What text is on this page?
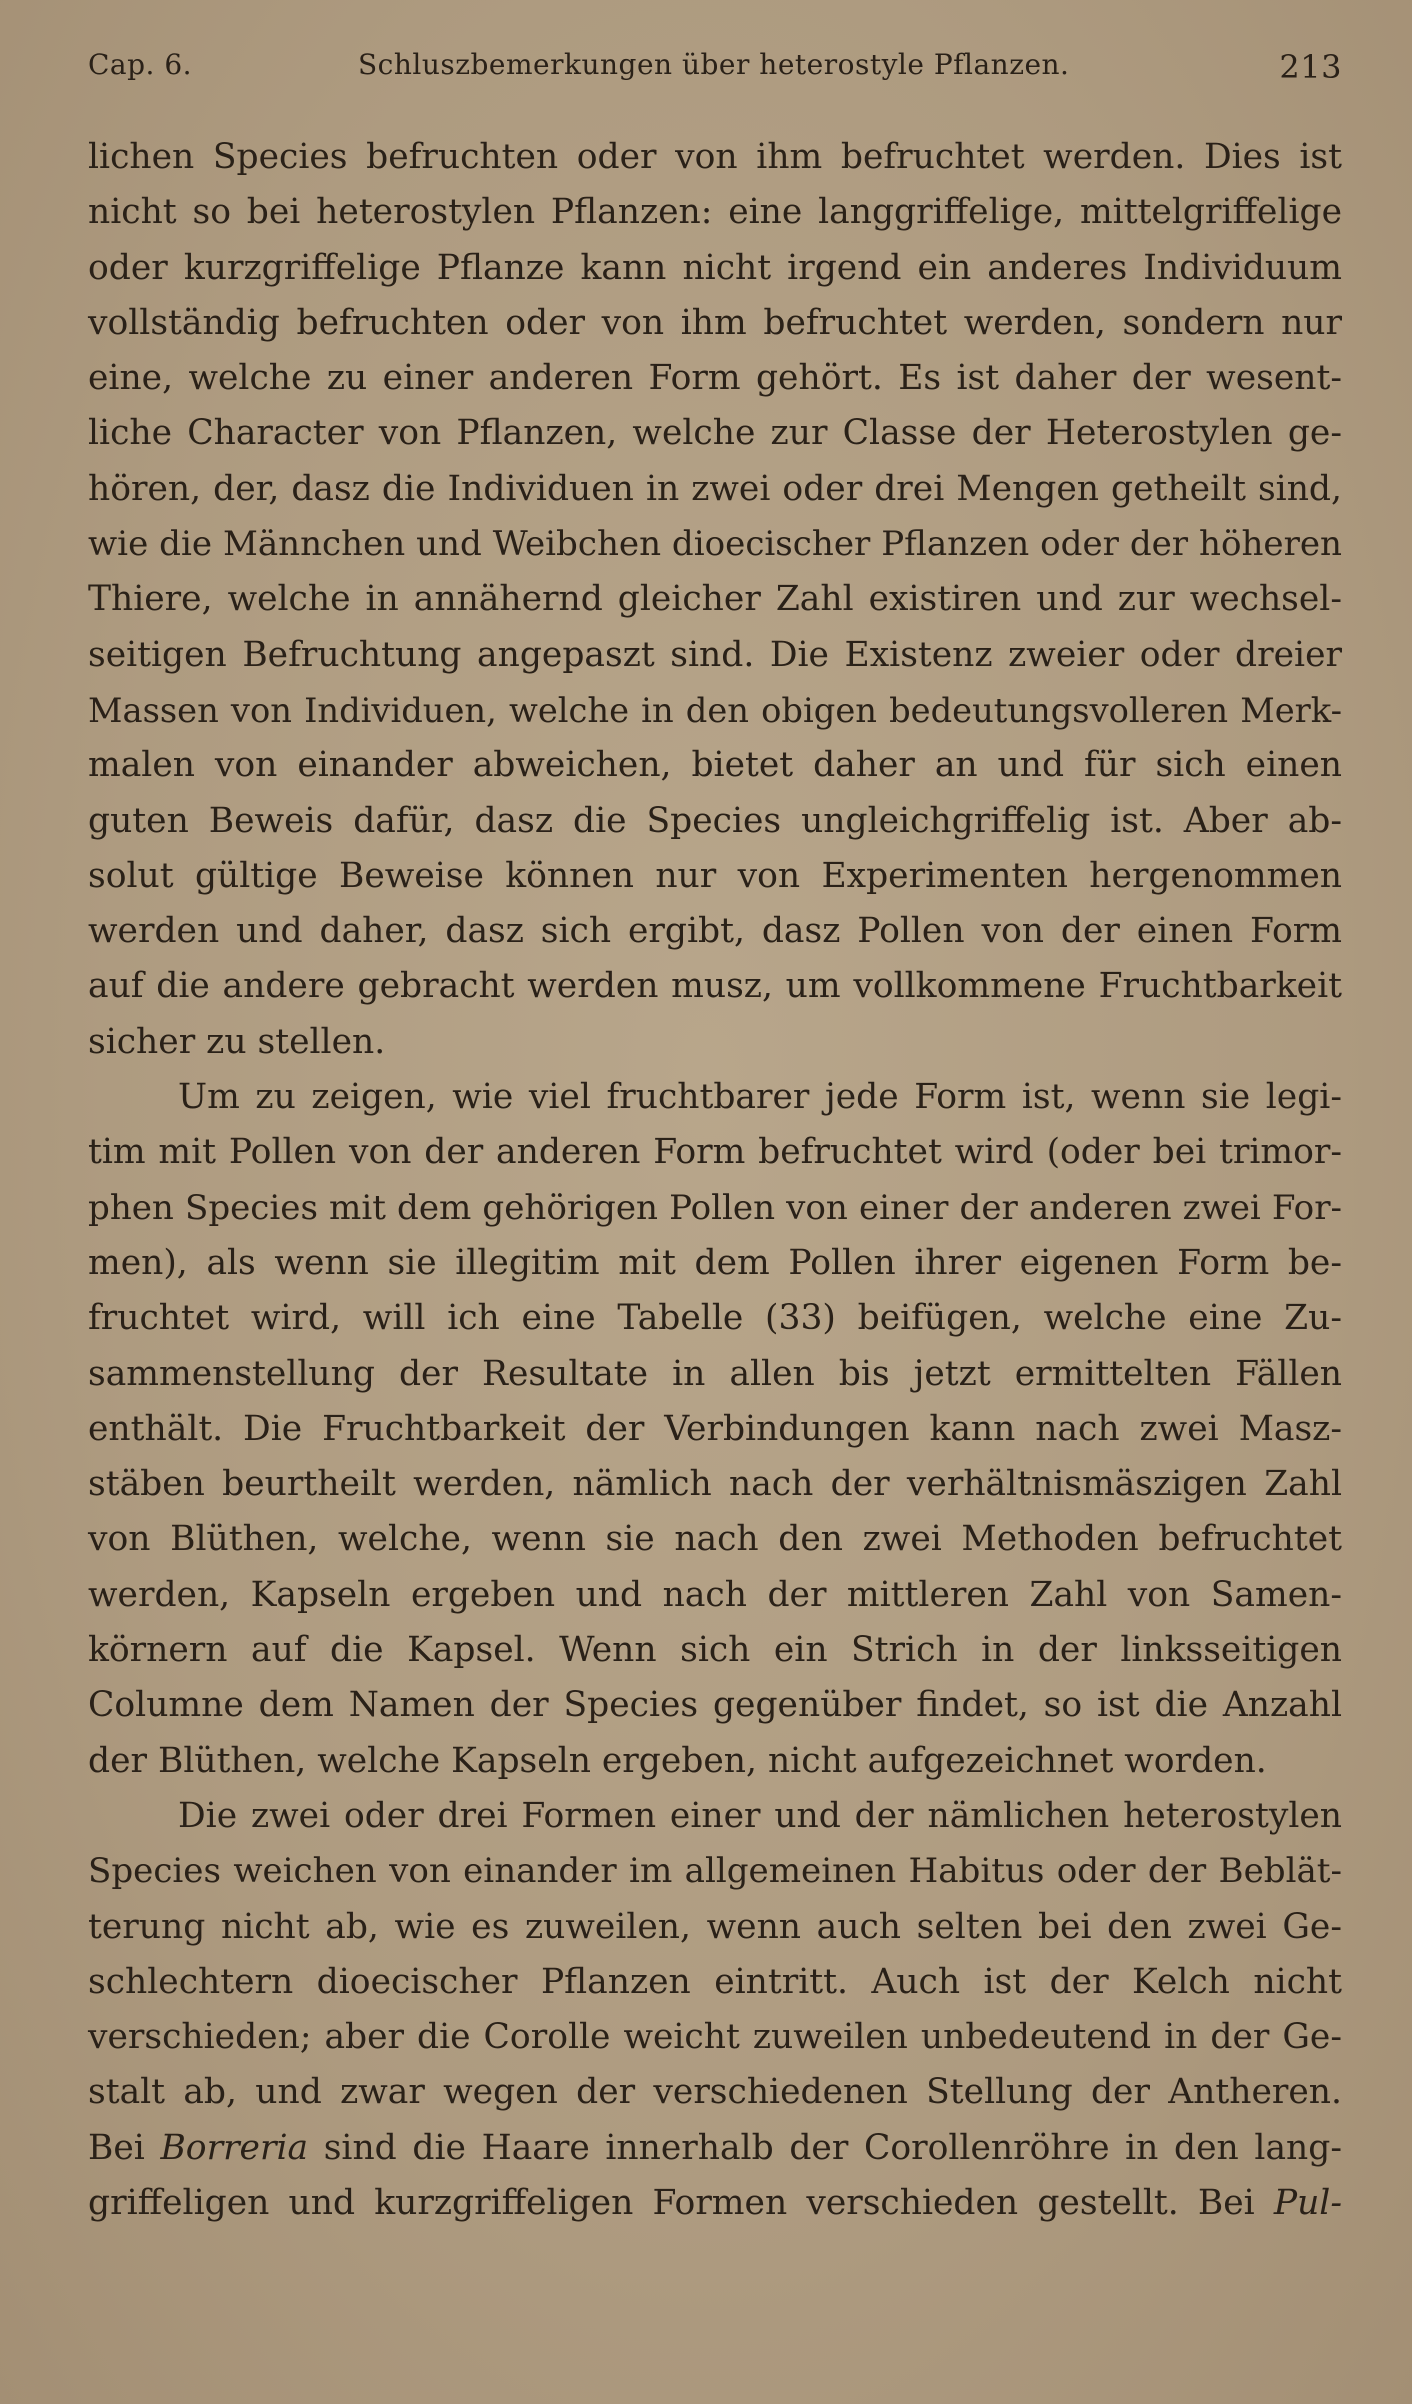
Cap. 6.	Schluszbemerkungen über heterostyle Pflanzen.	213
lichen Species befruchten oder von ihm befruchtet werden. Dies ist
nicht so bei heterostylen Pflanzen: eine langgriffelige, mittelgriffelige
oder kurzgriffelige Pflanze kann nicht irgend ein anderes Individuum
vollständig befruchten oder von ihm befruchtet werden, sondern nur
eine, welche zu einer anderen Form gehört. Es ist daher der wesent-
liche Character von Pflanzen, welche zur Classe der Heterostylen ge-
hören, der, dasz die Individuen in zwei oder drei Mengen getheilt sind,
wie die Männchen und Weibchen dioecischer Pflanzen oder der höheren
Thiere, welche in annähernd gleicher Zahl existiren und zur wechsel-
seitigen Befruchtung angepaszt sind. Die Existenz zweier oder dreier
Massen von Individuen, welche in den obigen bedeutungsvolleren Merk-
malen von einander abweichen, bietet daher an und für sich einen
guten Beweis dafür, dasz die Species ungleichgriffelig ist. Aber ab-
solut gültige Beweise können nur von Experimenten hergenommen
werden und daher, dasz sich ergibt, dasz Pollen von der einen Form
auf die andere gebracht werden musz, um vollkommene Fruchtbarkeit
sicher zu stellen.
Um zu zeigen, wie viel fruchtbarer jede Form ist, wenn sie legi-
tim mit Pollen von der anderen Form befruchtet wird (oder bei trimor-
phen Species mit dem gehörigen Pollen von einer der anderen zwei For-
men), als wenn sie illegitim mit dem Pollen ihrer eigenen Form be-
fruchtet wird, will ich eine Tabelle (33) beifügen, welche eine Zu-
sammenstellung der Resultate in allen bis jetzt ermittelten Fällen
enthält. Die Fruchtbarkeit der Verbindungen kann nach zwei Masz-
stäben beurtheilt werden, nämlich nach der verhältnismäszigen Zahl
von Blüthen, welche, wenn sie nach den zwei Methoden befruchtet
werden, Kapseln ergeben und nach der mittleren Zahl von Samen-
körnern auf die Kapsel. Wenn sich ein Strich in der linksseitigen
Columne dem Namen der Species gegenüber findet, so ist die Anzahl
der Blüthen, welche Kapseln ergeben, nicht aufgezeichnet worden.
Die zwei oder drei Formen einer und der nämlichen heterostylen
Species weichen von einander im allgemeinen Habitus oder der Beblät-
terung nicht ab, wie es zuweilen, wenn auch selten bei den zwei Ge-
schlechtern dioecischer Pflanzen eintritt. Auch ist der Kelch nicht
verschieden; aber die Corolle weicht zuweilen unbedeutend in der Ge-
stalt ab, und zwar wegen der verschiedenen Stellung der Antheren.
Bei Borreria sind die Haare innerhalb der Corollenröhre in den lang-
griffeligen und kurzgriffeligen Formen verschieden gestellt. Bei Pul-
